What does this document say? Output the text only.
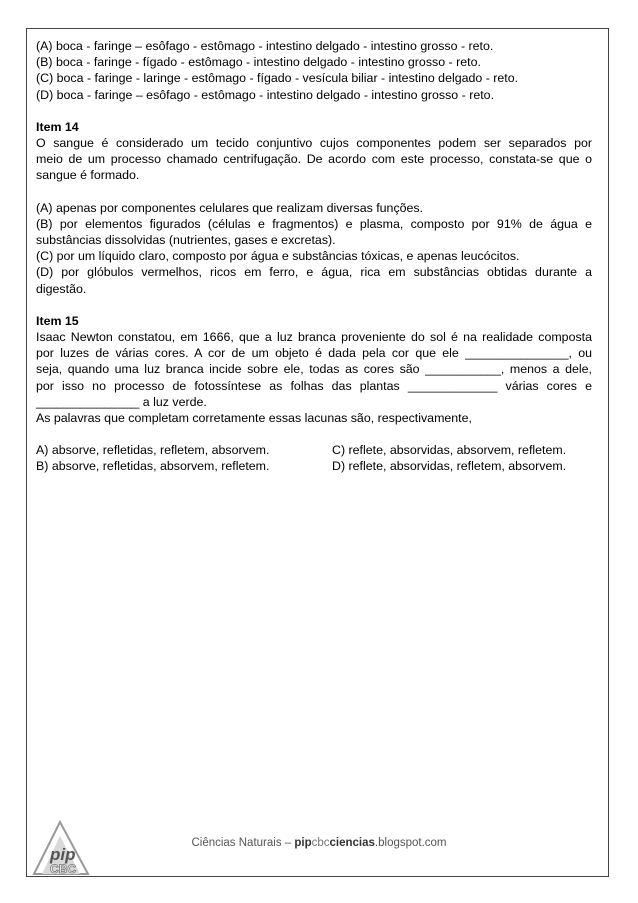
(A) boca - faringe – esôfago - estômago - intestino delgado - intestino grosso - reto.
(B) boca - faringe - fígado - estômago - intestino delgado - intestino grosso - reto.
(C) boca - faringe - laringe - estômago - fígado - vesícula biliar - intestino delgado - reto.
(D) boca - faringe – esôfago - estômago - intestino delgado - intestino grosso - reto.
Item 14
O sangue é considerado um tecido conjuntivo cujos componentes podem ser separados por
meio de um processo chamado centrifugação. De acordo com este processo, constata-se que o
sangue é formado.
(A) apenas por componentes celulares que realizam diversas funções.
(B) por elementos figurados (células e fragmentos) e plasma, composto por 91% de água e
substâncias dissolvidas (nutrientes, gases e excretas).
(C) por um líquido claro, composto por água e substâncias tóxicas, e apenas leucócitos.
(D) por glóbulos vermelhos, ricos em ferro, e água, rica em substâncias obtidas durante a
digestão.
Item 15
Isaac Newton constatou, em 1666, que a luz branca proveniente do sol é na realidade composta
por luzes de várias cores. A cor de um objeto é dada pela cor que ele _______________, ou
seja, quando uma luz branca incide sobre ele, todas as cores são ___________, menos a dele,
por isso no processo de fotossíntese as folhas das plantas _____________ várias cores e
_______________ a luz verde.
As palavras que completam corretamente essas lacunas são, respectivamente,
A) absorve, refletidas, refletem, absorvem.	C) reflete, absorvidas, absorvem, refletem.
B) absorve, refletidas, absorvem, refletem.	D) reflete, absorvidas, refletem, absorvem.
pip
CBC
Ciências Naturais – pipcbcciencias.blogspot.com
